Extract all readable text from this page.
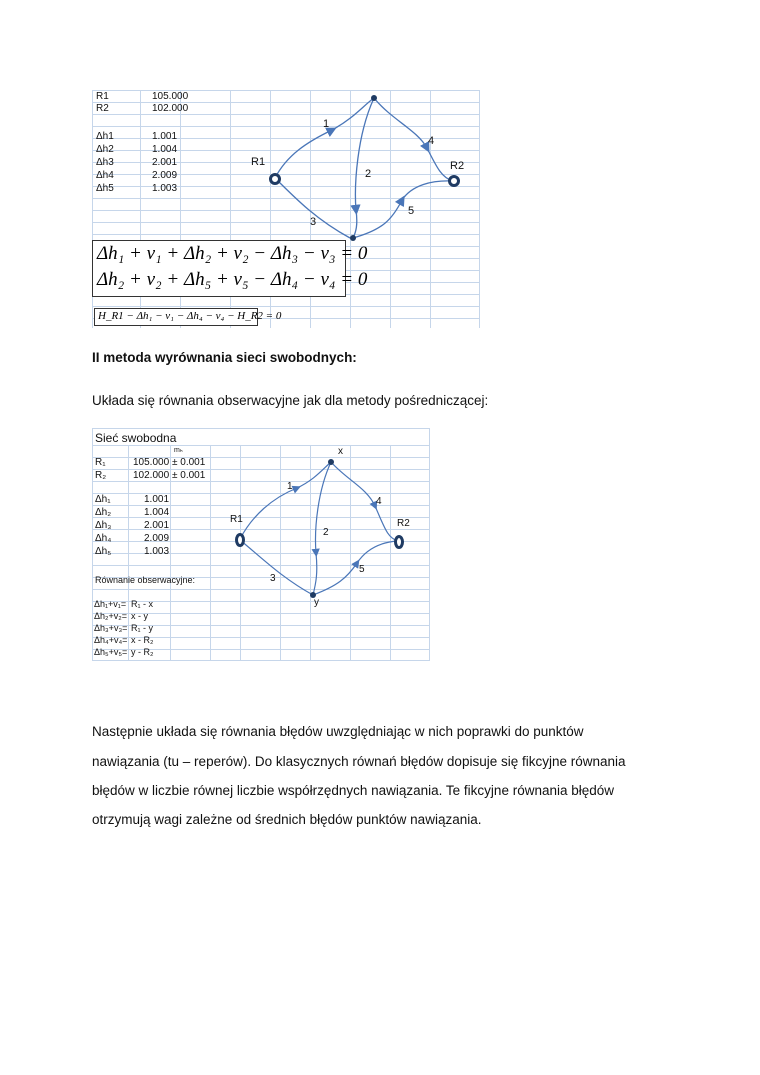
R1	105.000
R2	102.000
Δh1	1.001
Δh2	1.004
Δh3	2.001
Δh4	2.009
Δh5	1.003
R1	R2
1
2
3
4
5
Δh₁ + v₁ + Δh₂ + v₂ − Δh₃ − v₃ = 0
Δh₂ + v₂ + Δh₅ + v₅ − Δh₄ − v₄ = 0
H_R1 − Δh₁ − v₁ − Δh₄ − v₄ − H_R2 = 0
II metoda wyrównania sieci swobodnych:
Układa się równania obserwacyjne jak dla metody pośredniczącej:
Sieć swobodna
mₕ
R₁	105.000 ± 0.001
R₂	102.000 ± 0.001
Δh₁	1.001
Δh₂	1.004
Δh₃	2.001
Δh₄	2.009
Δh₅	1.003
Równanie obserwacyjne:
Δh₁+v₁= R₁ - x
Δh₂+v₂= x - y
Δh₃+v₃= R₁ - y
Δh₄+v₄= x - R₂
Δh₅+v₅= y - R₂
R1	R2
x
y
1
2
3
4
5
Następnie układa się równania błędów uwzględniając w nich poprawki do punktów
nawiązania (tu – reperów). Do klasycznych równań błędów dopisuje się fikcyjne równania
błędów w liczbie równej liczbie współrzędnych nawiązania. Te fikcyjne równania błędów
otrzymują wagi zależne od średnich błędów punktów nawiązania.
